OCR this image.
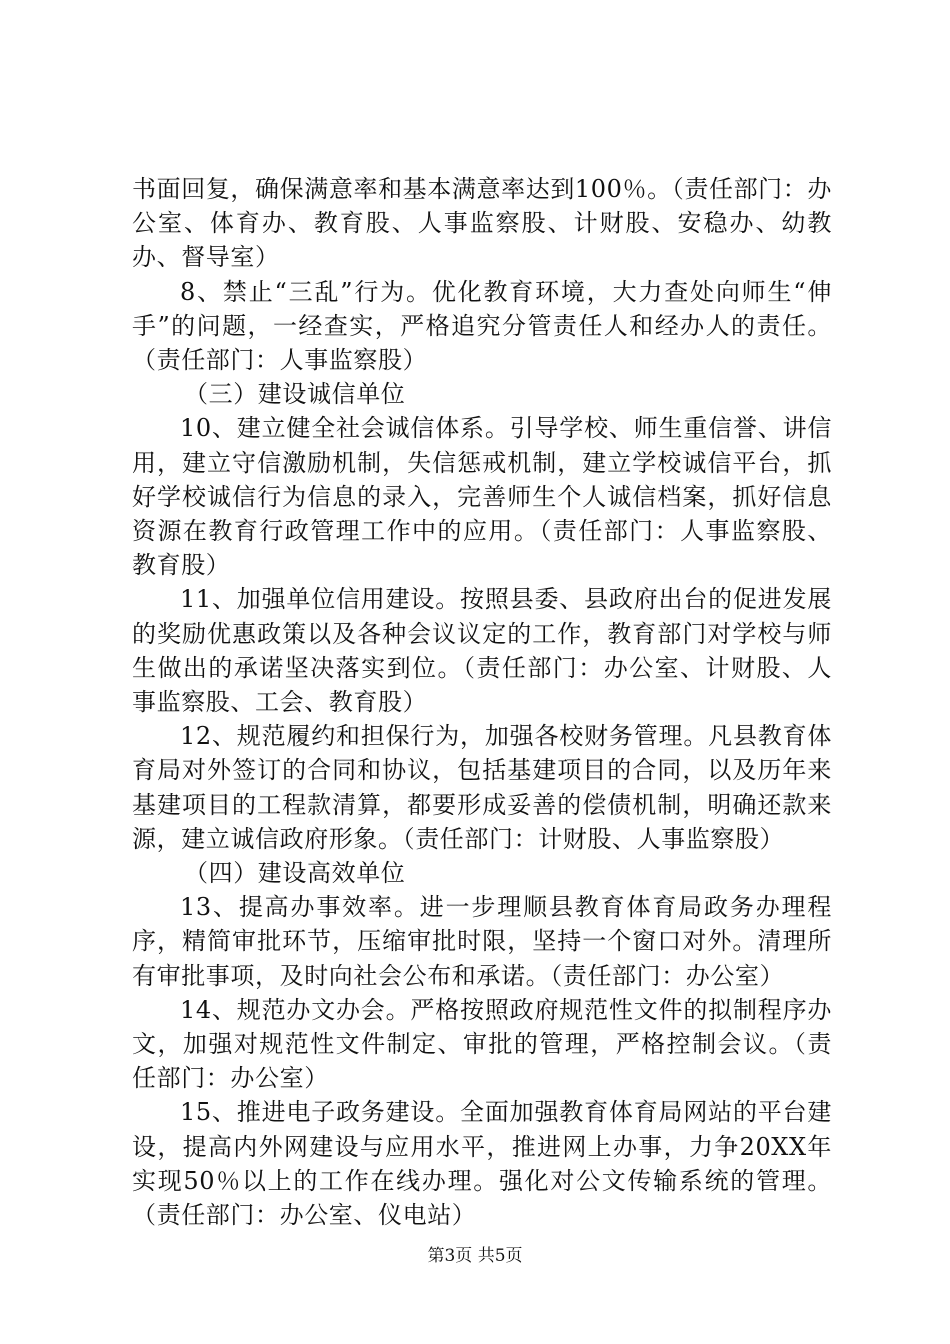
书面回复，确保满意率和基本满意率达到100％。（责任部门：办公室、体育办、教育股、人事监察股、计财股、安稳办、幼教办、督导室）

8、禁止“三乱”行为。优化教育环境，大力查处向师生“伸手”的问题，一经查实，严格追究分管责任人和经办人的责任。（责任部门：人事监察股）

（三）建设诚信单位

10、建立健全社会诚信体系。引导学校、师生重信誉、讲信用，建立守信激励机制，失信惩戒机制，建立学校诚信平台，抓好学校诚信行为信息的录入，完善师生个人诚信档案，抓好信息资源在教育行政管理工作中的应用。（责任部门：人事监察股、教育股）

11、加强单位信用建设。按照县委、县政府出台的促进发展的奖励优惠政策以及各种会议议定的工作，教育部门对学校与师生做出的承诺坚决落实到位。（责任部门：办公室、计财股、人事监察股、工会、教育股）

12、规范履约和担保行为，加强各校财务管理。凡县教育体育局对外签订的合同和协议，包括基建项目的合同，以及历年来基建项目的工程款清算，都要形成妥善的偿债机制，明确还款来源，建立诚信政府形象。（责任部门：计财股、人事监察股）

（四）建设高效单位

13、提高办事效率。进一步理顺县教育体育局政务办理程序，精简审批环节，压缩审批时限，坚持一个窗口对外。清理所有审批事项，及时向社会公布和承诺。（责任部门：办公室）

14、规范办文办会。严格按照政府规范性文件的拟制程序办文，加强对规范性文件制定、审批的管理，严格控制会议。（责任部门：办公室）

15、推进电子政务建设。全面加强教育体育局网站的平台建设，提高内外网建设与应用水平，推进网上办事，力争20XX年实现50％以上的工作在线办理。强化对公文传输系统的管理。（责任部门：办公室、仪电站）

第3页 共5页
